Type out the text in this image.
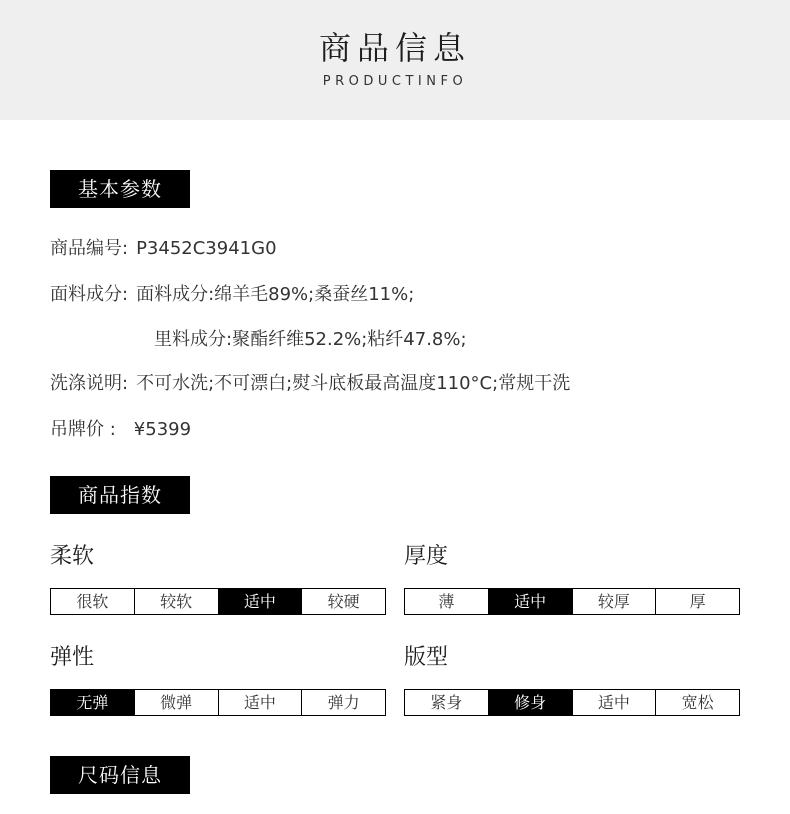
商品信息
PRODUCTINFO
基本参数
商品编号: P3452C3941G0
面料成分: 面料成分:绵羊毛89%;桑蚕丝11%;
里料成分:聚酯纤维52.2%;粘纤47.8%;
洗涤说明: 不可水洗;不可漂白;熨斗底板最高温度110°C;常规干洗
吊牌价 : ¥5399
商品指数
柔软
很软	较软	适中	较硬
厚度
薄	适中	较厚	厚
弹性
无弹	微弹	适中	弹力
版型
紧身	修身	适中	宽松
尺码信息
